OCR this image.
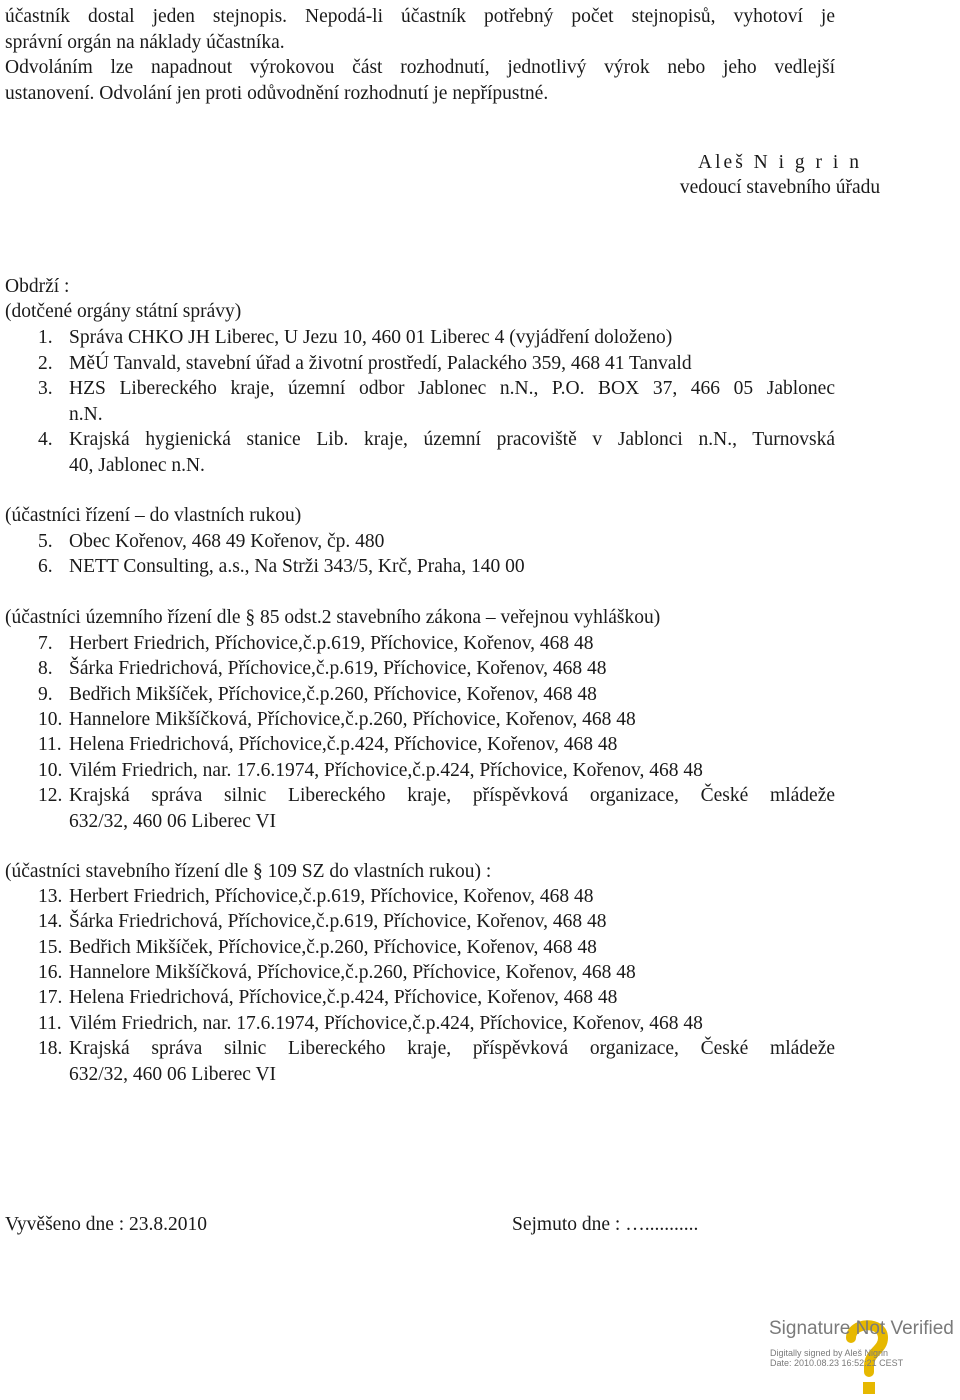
účastník dostal jeden stejnopis. Nepodá-li účastník potřebný počet stejnopisů, vyhotoví je
správní orgán na náklady účastníka.
Odvoláním lze napadnout výrokovou část rozhodnutí, jednotlivý výrok nebo jeho vedlejší
ustanovení. Odvolání jen proti odůvodnění rozhodnutí je nepřípustné.
Aleš N i g r i n
vedoucí stavebního úřadu
Obdrží :
(dotčené orgány státní správy)
1. Správa CHKO JH Liberec, U Jezu 10, 460 01 Liberec 4 (vyjádření doloženo)
2. MěÚ Tanvald, stavební úřad a životní prostředí, Palackého 359, 468 41 Tanvald
3. HZS Libereckého kraje, územní odbor Jablonec n.N., P.O. BOX 37, 466 05 Jablonec
n.N.
4. Krajská hygienická stanice Lib. kraje, územní pracoviště v Jablonci n.N., Turnovská
40, Jablonec n.N.
(účastníci řízení – do vlastních rukou)
5. Obec Kořenov, 468 49 Kořenov, čp. 480
6. NETT Consulting, a.s., Na Strži 343/5, Krč, Praha, 140 00
(účastníci územního řízení dle § 85 odst.2 stavebního zákona – veřejnou vyhláškou)
7. Herbert Friedrich, Příchovice,č.p.619, Příchovice, Kořenov, 468 48
8. Šárka Friedrichová, Příchovice,č.p.619, Příchovice, Kořenov, 468 48
9. Bedřich Mikšíček, Příchovice,č.p.260, Příchovice, Kořenov, 468 48
10. Hannelore Mikšíčková, Příchovice,č.p.260, Příchovice, Kořenov, 468 48
11. Helena Friedrichová, Příchovice,č.p.424, Příchovice, Kořenov, 468 48
10. Vilém Friedrich, nar. 17.6.1974, Příchovice,č.p.424, Příchovice, Kořenov, 468 48
12. Krajská správa silnic Libereckého kraje, příspěvková organizace, České mládeže
632/32, 460 06 Liberec VI
(účastníci stavebního řízení dle § 109 SZ do vlastních rukou) :
13. Herbert Friedrich, Příchovice,č.p.619, Příchovice, Kořenov, 468 48
14. Šárka Friedrichová, Příchovice,č.p.619, Příchovice, Kořenov, 468 48
15. Bedřich Mikšíček, Příchovice,č.p.260, Příchovice, Kořenov, 468 48
16. Hannelore Mikšíčková, Příchovice,č.p.260, Příchovice, Kořenov, 468 48
17. Helena Friedrichová, Příchovice,č.p.424, Příchovice, Kořenov, 468 48
11. Vilém Friedrich, nar. 17.6.1974, Příchovice,č.p.424, Příchovice, Kořenov, 468 48
18. Krajská správa silnic Libereckého kraje, příspěvková organizace, České mládeže
632/32, 460 06 Liberec VI
Vyvěšeno dne : 23.8.2010	Sejmuto dne : …...........
Signature Not Verified
Digitally signed by Aleš Nigrin
Date: 2010.08.23 16:52:21 CEST
